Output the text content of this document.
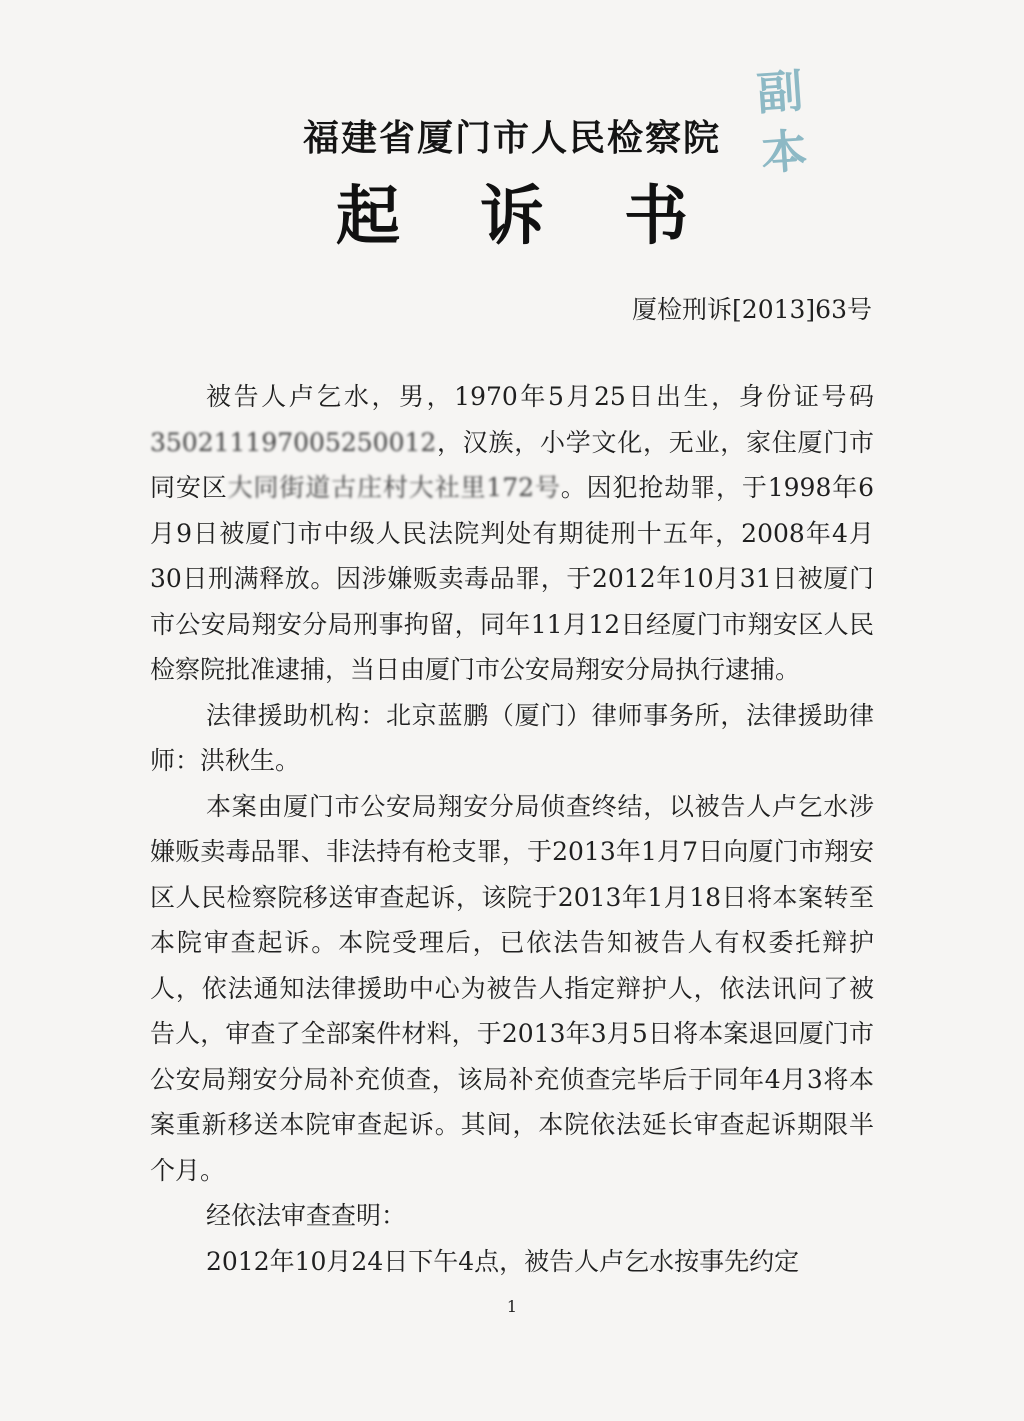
副本
福建省厦门市人民检察院
起诉书
厦检刑诉[2013]63号

被告人卢乞水，男，1970年5月25日出生，身份证号码350211197005250012，汉族，小学文化，无业，家住厦门市同安区大同街道古庄村大社里172号。因犯抢劫罪，于1998年6月9日被厦门市中级人民法院判处有期徒刑十五年，2008年4月30日刑满释放。因涉嫌贩卖毒品罪，于2012年10月31日被厦门市公安局翔安分局刑事拘留，同年11月12日经厦门市翔安区人民检察院批准逮捕，当日由厦门市公安局翔安分局执行逮捕。

法律援助机构：北京蓝鹏（厦门）律师事务所，法律援助律师：洪秋生。

本案由厦门市公安局翔安分局侦查终结，以被告人卢乞水涉嫌贩卖毒品罪、非法持有枪支罪，于2013年1月7日向厦门市翔安区人民检察院移送审查起诉，该院于2013年1月18日将本案转至本院审查起诉。本院受理后，已依法告知被告人有权委托辩护人，依法通知法律援助中心为被告人指定辩护人，依法讯问了被告人，审查了全部案件材料，于2013年3月5日将本案退回厦门市公安局翔安分局补充侦查，该局补充侦查完毕后于同年4月3将本案重新移送本院审查起诉。其间，本院依法延长审查起诉期限半个月。

经依法审查查明：

2012年10月24日下午4点，被告人卢乞水按事先约定

1
